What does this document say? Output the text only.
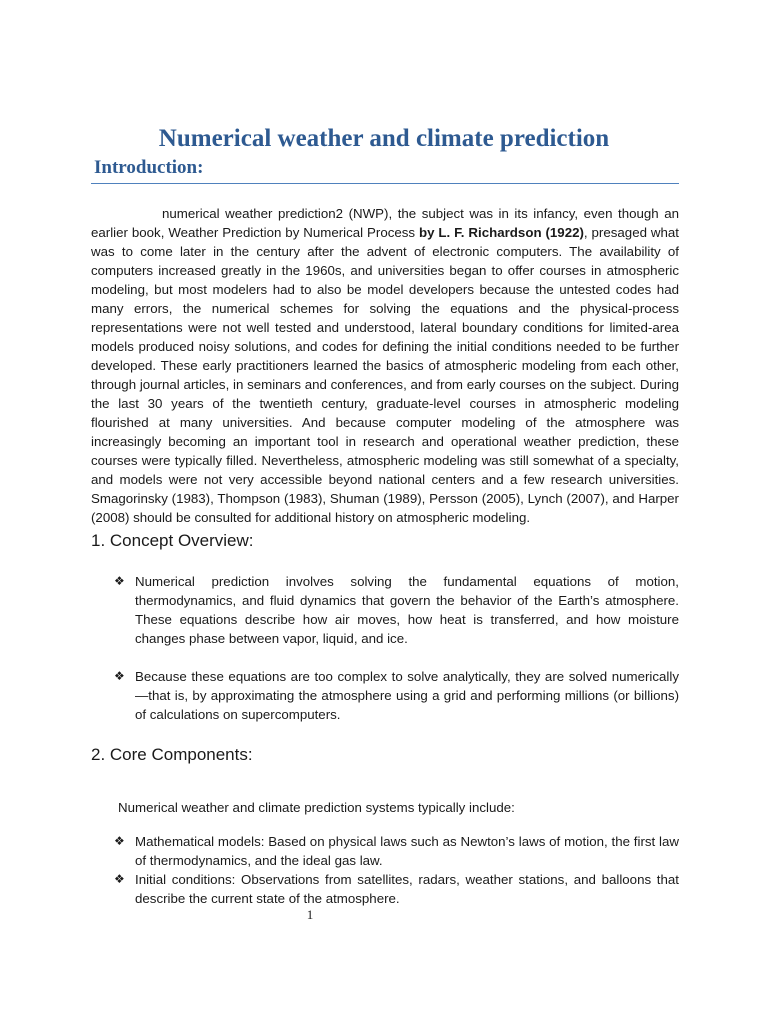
Numerical weather and climate prediction
Introduction:

numerical weather prediction2 (NWP), the subject was in its infancy, even though an earlier book, Weather Prediction by Numerical Process by L. F. Richardson (1922), presaged what was to come later in the century after the advent of electronic computers. The availability of computers increased greatly in the 1960s, and universities began to offer courses in atmospheric modeling, but most modelers had to also be model developers because the untested codes had many errors, the numerical schemes for solving the equations and the physical-process representations were not well tested and understood, lateral boundary conditions for limited-area models produced noisy solutions, and codes for defining the initial conditions needed to be further developed. These early practitioners learned the basics of atmospheric modeling from each other, through journal articles, in seminars and conferences, and from early courses on the subject. During the last 30 years of the twentieth century, graduate-level courses in atmospheric modeling flourished at many universities. And because computer modeling of the atmosphere was increasingly becoming an important tool in research and operational weather prediction, these courses were typically filled. Nevertheless, atmospheric modeling was still somewhat of a specialty, and models were not very accessible beyond national centers and a few research universities. Smagorinsky (1983), Thompson (1983), Shuman (1989), Persson (2005), Lynch (2007), and Harper (2008) should be consulted for additional history on atmospheric modeling.

1. Concept Overview:
❖ Numerical prediction involves solving the fundamental equations of motion, thermodynamics, and fluid dynamics that govern the behavior of the Earth’s atmosphere. These equations describe how air moves, how heat is transferred, and how moisture changes phase between vapor, liquid, and ice.
❖ Because these equations are too complex to solve analytically, they are solved numerically—that is, by approximating the atmosphere using a grid and performing millions (or billions) of calculations on supercomputers.
2. Core Components:

Numerical weather and climate prediction systems typically include:

❖ Mathematical models: Based on physical laws such as Newton’s laws of motion, the first law of thermodynamics, and the ideal gas law.
❖ Initial conditions: Observations from satellites, radars, weather stations, and balloons that describe the current state of the atmosphere.
1
